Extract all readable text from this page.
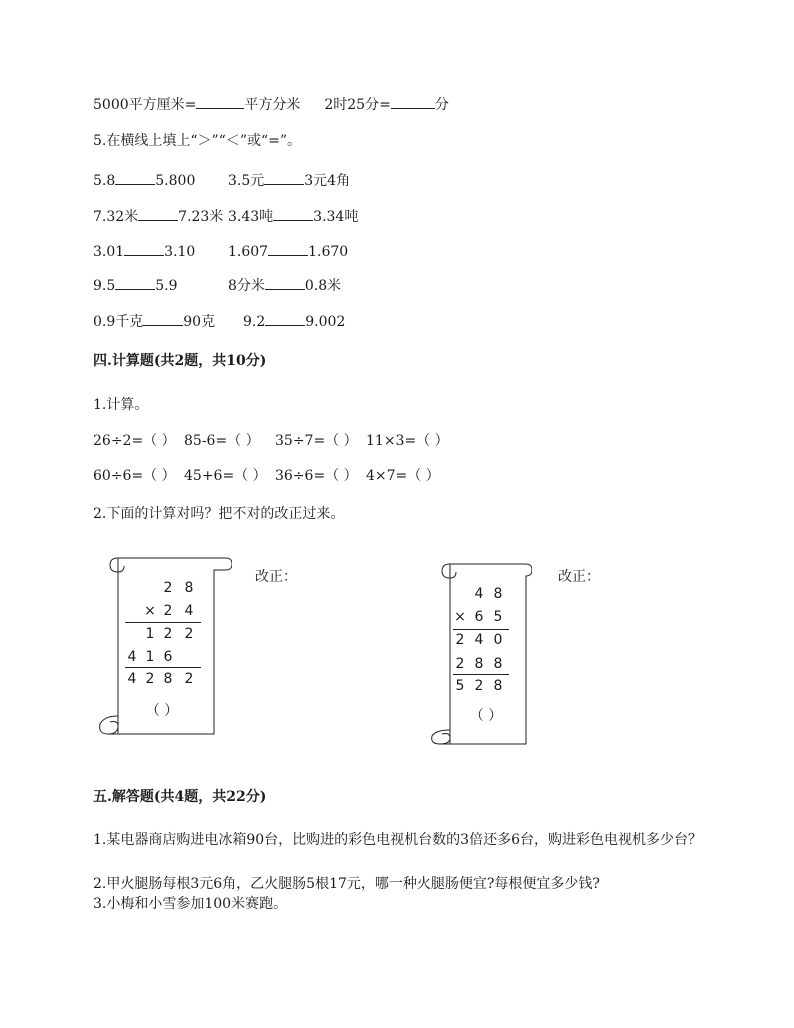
5000平方厘米=	平方分米 2时25分=	分
5.在横线上填上“＞”“＜”或“=”。
5.8	5.800 3.5元	3元4角
7.32米	7.23米 3.43吨	3.34吨
3.01	3.10 1.607	1.670
9.5	5.9	8分米	0.8米
0.9千克	90克 9.2	9.002
四.计算题(共2题，共10分)
1.计算。
26÷2=（ ） 85-6=（ ） 35÷7=（ ） 11×3=（ ）
60÷6=（ ） 45+6=（ ） 36÷6=（ ） 4×7=（ ）
2.下面的计算对吗？把不对的改正过来。
2 8
× 2 4
1 2 2
4 1 6
4 2 8 2
（ ）
改正：
4 8
× 6 5
2 4 0
2 8 8
5 2 8
（ ）
改正：
五.解答题(共4题，共22分)
1.某电器商店购进电冰箱90台，比购进的彩色电视机台数的3倍还多6台，购进彩色电视机多少台？
2.甲火腿肠每根3元6角，乙火腿肠5根17元，哪一种火腿肠便宜?每根便宜多少钱?
3.小梅和小雪参加100米赛跑。
